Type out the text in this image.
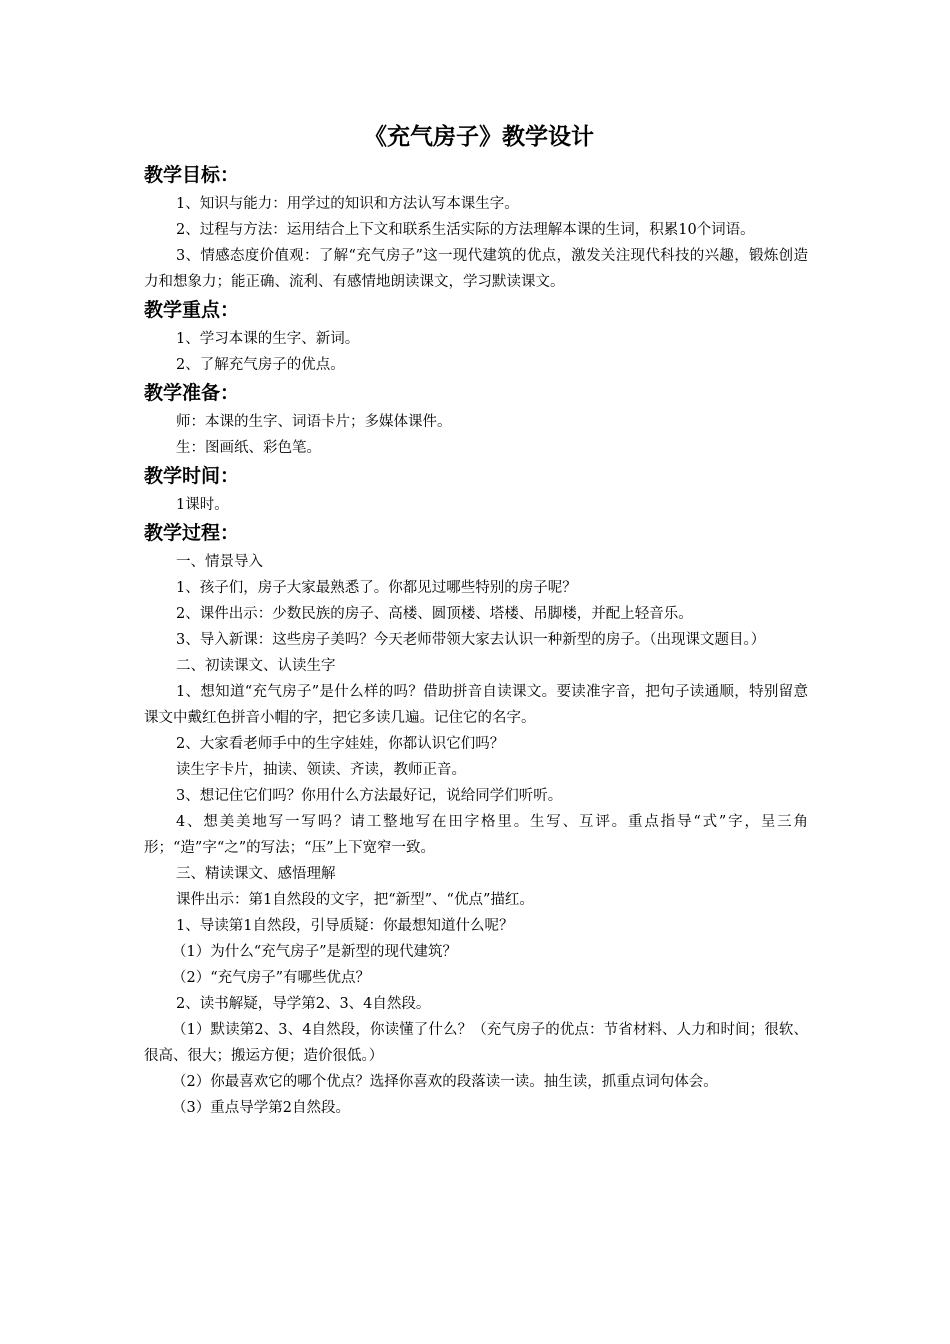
《充气房子》教学设计
教学目标：

1、知识与能力：用学过的知识和方法认写本课生字。

2、过程与方法：运用结合上下文和联系生活实际的方法理解本课的生词，积累10个词语。

3、情感态度价值观：了解“充气房子”这一现代建筑的优点，激发关注现代科技的兴趣，锻炼创造力和想象力；能正确、流利、有感情地朗读课文，学习默读课文。

教学重点：

1、学习本课的生字、新词。

2、了解充气房子的优点。

教学准备：

师：本课的生字、词语卡片；多媒体课件。

生：图画纸、彩色笔。

教学时间：

1课时。

教学过程：

一、情景导入

1、孩子们，房子大家最熟悉了。你都见过哪些特别的房子呢？

2、课件出示：少数民族的房子、高楼、圆顶楼、塔楼、吊脚楼，并配上轻音乐。

3、导入新课：这些房子美吗？今天老师带领大家去认识一种新型的房子。（出现课文题目。）

二、初读课文、认读生字

1、想知道“充气房子”是什么样的吗？借助拼音自读课文。要读准字音，把句子读通顺，特别留意课文中戴红色拼音小帽的字，把它多读几遍。记住它的名字。

2、大家看老师手中的生字娃娃，你都认识它们吗？

读生字卡片，抽读、领读、齐读，教师正音。

3、想记住它们吗？你用什么方法最好记，说给同学们听听。

4、想美美地写一写吗？请工整地写在田字格里。生写、互评。重点指导“式”字，呈三角形；“造”字“之”的写法；“压”上下宽窄一致。

三、精读课文、感悟理解

课件出示：第1自然段的文字，把“新型”、“优点”描红。

1、导读第1自然段，引导质疑：你最想知道什么呢？

（1）为什么“充气房子”是新型的现代建筑？

（2）“充气房子”有哪些优点？

2、读书解疑，导学第2、3、4自然段。

（1）默读第2、3、4自然段，你读懂了什么？（充气房子的优点：节省材料、人力和时间；很软、很高、很大；搬运方便；造价很低。）

（2）你最喜欢它的哪个优点？选择你喜欢的段落读一读。抽生读，抓重点词句体会。

（3）重点导学第2自然段。
